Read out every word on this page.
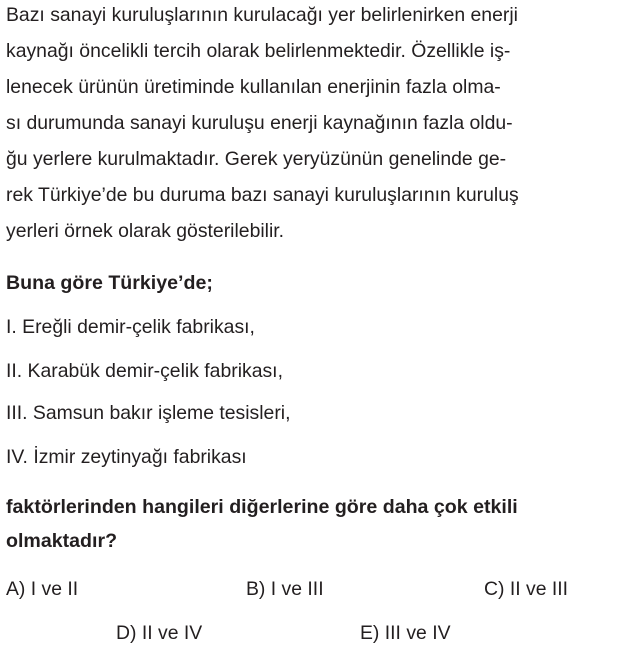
Bazı sanayi kuruluşlarının kurulacağı yer belirlenirken enerji
kaynağı öncelikli tercih olarak belirlenmektedir. Özellikle iş-
lenecek ürünün üretiminde kullanılan enerjinin fazla olma-
sı durumunda sanayi kuruluşu enerji kaynağının fazla oldu-
ğu yerlere kurulmaktadır. Gerek yeryüzünün genelinde ge-
rek Türkiye’de bu duruma bazı sanayi kuruluşlarının kuruluş
yerleri örnek olarak gösterilebilir.
Buna göre Türkiye’de;
I. Ereğli demir-çelik fabrikası,
II. Karabük demir-çelik fabrikası,
III. Samsun bakır işleme tesisleri,
IV. İzmir zeytinyağı fabrikası
faktörlerinden hangileri diğerlerine göre daha çok etkili
olmaktadır?
A) I ve II	B) I ve III	C) II ve III
D) II ve IV	E) III ve IV
